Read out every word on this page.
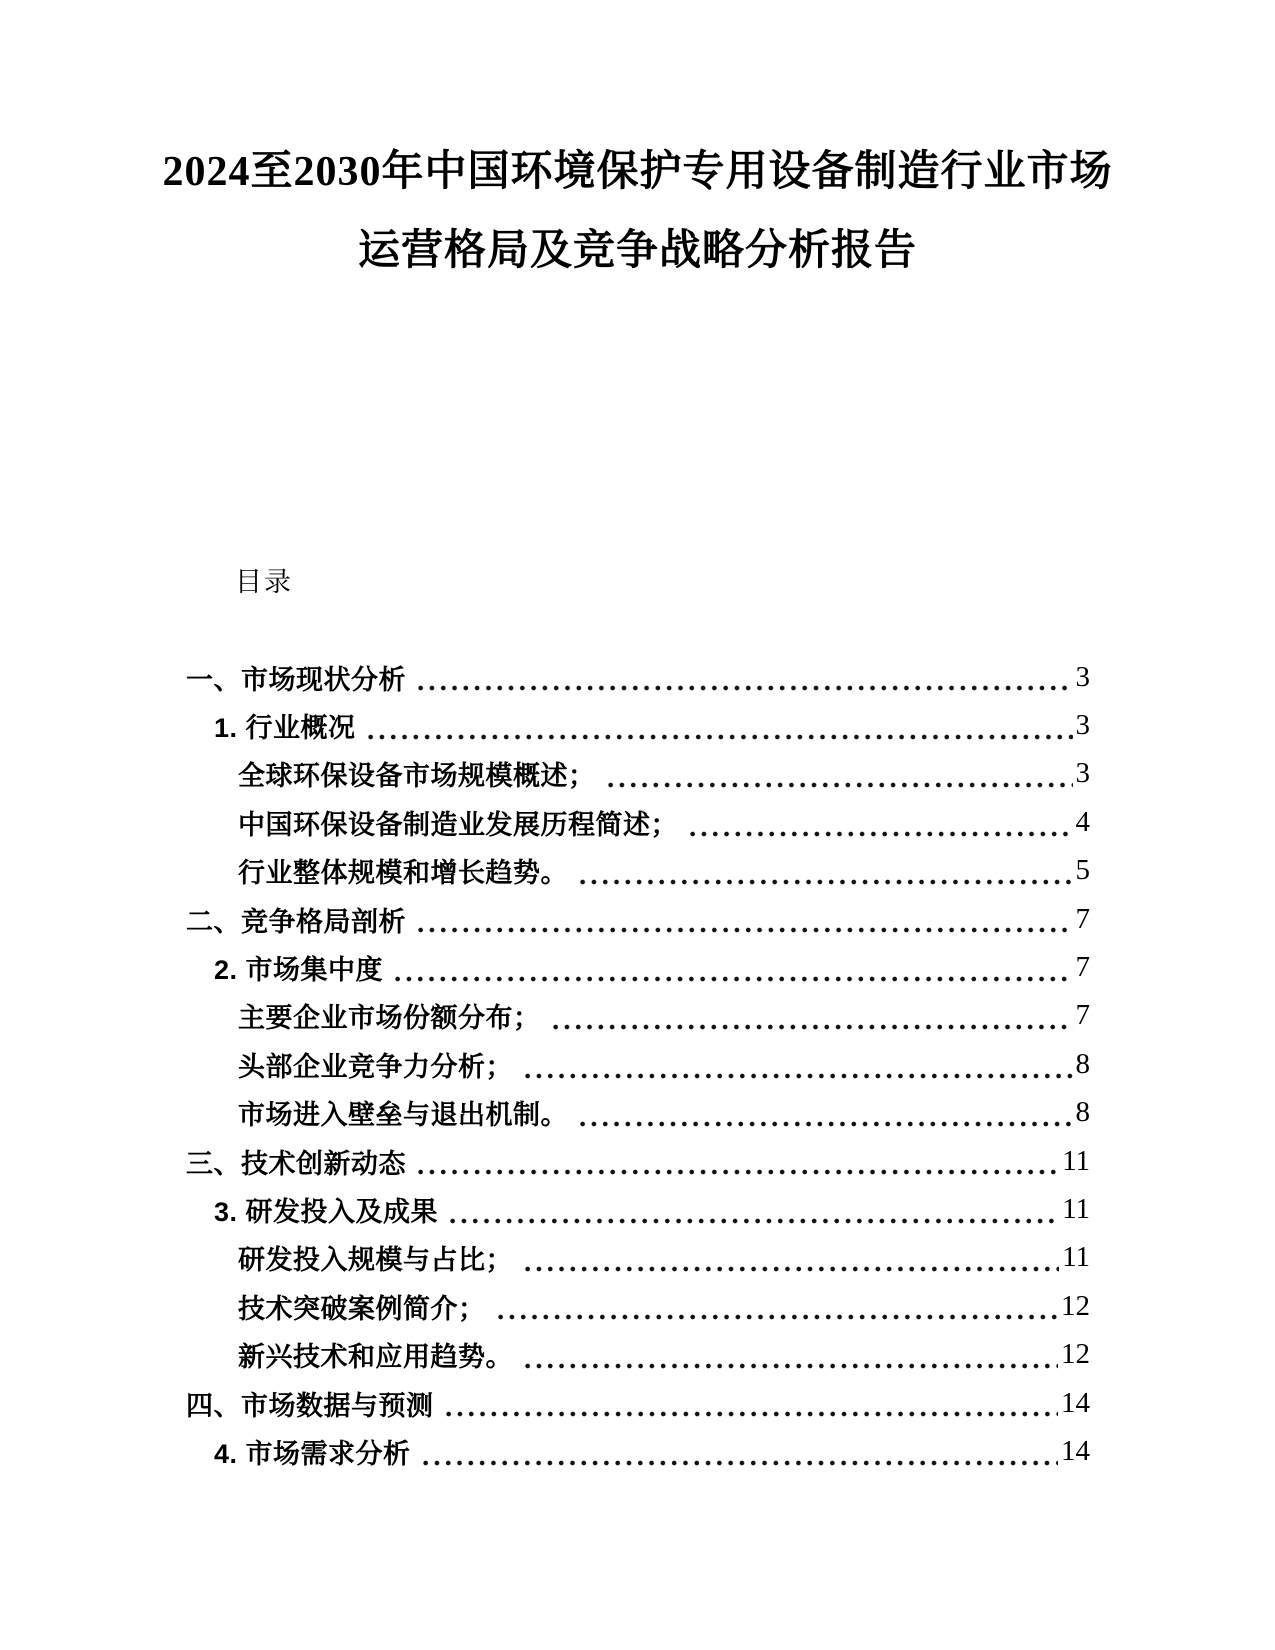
2024至2030年中国环境保护专用设备制造行业市场
运营格局及竞争战略分析报告
目录
一、市场现状分析	3
1. 行业概况	3
全球环保设备市场规模概述；	3
中国环保设备制造业发展历程简述；	4
行业整体规模和增长趋势。	5
二、竞争格局剖析	7
2. 市场集中度	7
主要企业市场份额分布；	7
头部企业竞争力分析；	8
市场进入壁垒与退出机制。	8
三、技术创新动态	11
3. 研发投入及成果	11
研发投入规模与占比；	11
技术突破案例简介；	12
新兴技术和应用趋势。	12
四、市场数据与预测	14
4. 市场需求分析	14
